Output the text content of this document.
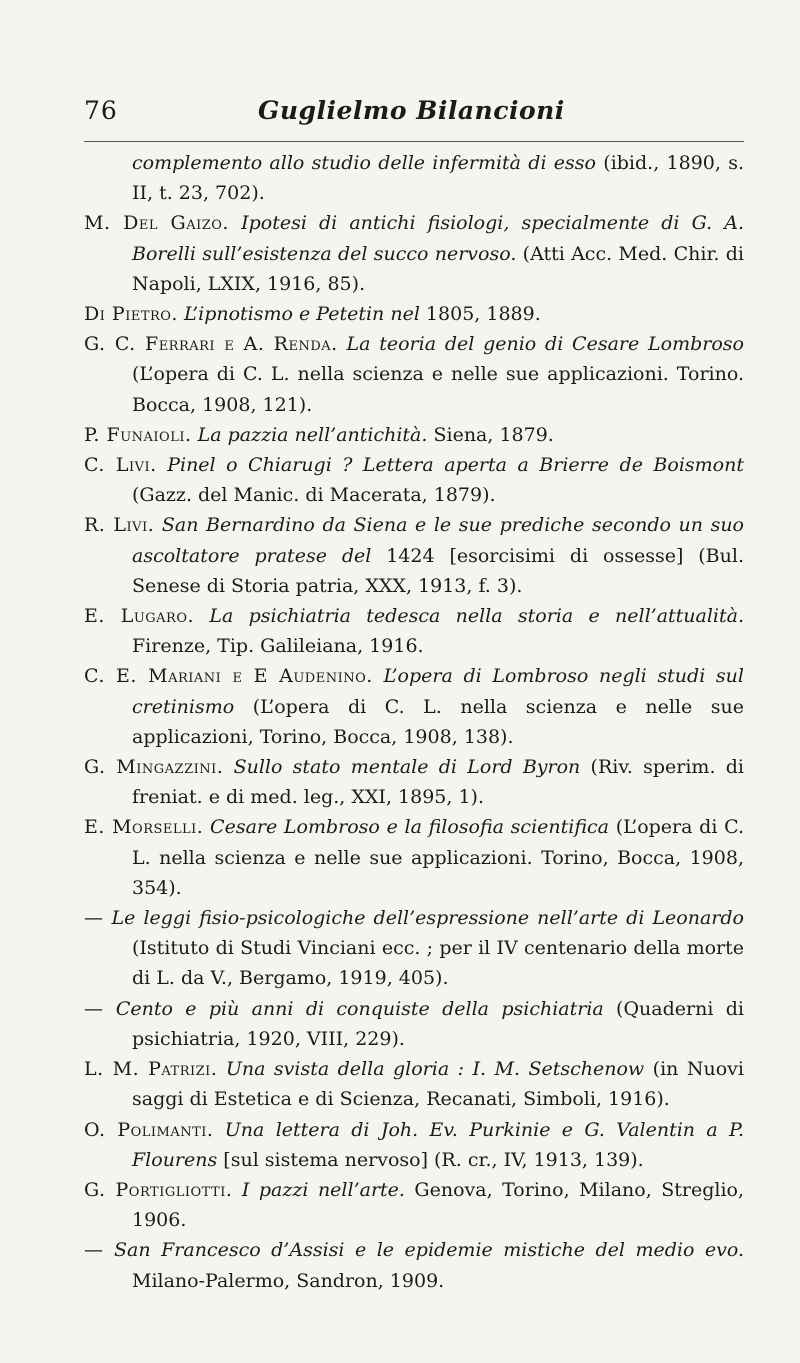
76	Guglielmo Bilancioni

complemento allo studio delle infermità di esso (ibid., 1890, s. II, t. 23, 702).

M. Del Gaizo. Ipotesi di antichi fisiologi, specialmente di G. A. Borelli sull’esistenza del succo nervoso. (Atti Acc. Med. Chir. di Napoli, LXIX, 1916, 85).

Di Pietro. L’ipnotismo e Petetin nel 1805, 1889.

G. C. Ferrari e A. Renda. La teoria del genio di Cesare Lombroso (L’opera di C. L. nella scienza e nelle sue applicazioni. Torino. Bocca, 1908, 121).

P. Funaioli. La pazzia nell’antichità. Siena, 1879.

C. Livi. Pinel o Chiarugi ? Lettera aperta a Brierre de Boismont (Gazz. del Manic. di Macerata, 1879).

R. Livi. San Bernardino da Siena e le sue prediche secondo un suo ascoltatore pratese del 1424 [esorcisimi di ossesse] (Bul. Senese di Storia patria, XXX, 1913, f. 3).

E. Lugaro. La psichiatria tedesca nella storia e nell’attualità. Firenze, Tip. Galileiana, 1916.

C. E. Mariani e E Audenino. L’opera di Lombroso negli studi sul cretinismo (L’opera di C. L. nella scienza e nelle sue applicazioni, Torino, Bocca, 1908, 138).

G. Mingazzini. Sullo stato mentale di Lord Byron (Riv. sperim. di freniat. e di med. leg., XXI, 1895, 1).

E. Morselli. Cesare Lombroso e la filosofia scientifica (L’opera di C. L. nella scienza e nelle sue applicazioni. Torino, Bocca, 1908, 354).

— Le leggi fisio-psicologiche dell’espressione nell’arte di Leonardo (Istituto di Studi Vinciani ecc. ; per il IV centenario della morte di L. da V., Bergamo, 1919, 405).

— Cento e più anni di conquiste della psichiatria (Quaderni di psichiatria, 1920, VIII, 229).

L. M. Patrizi. Una svista della gloria : I. M. Setschenow (in Nuovi saggi di Estetica e di Scienza, Recanati, Simboli, 1916).

O. Polimanti. Una lettera di Joh. Ev. Purkinie e G. Valentin a P. Flourens [sul sistema nervoso] (R. cr., IV, 1913, 139).

G. Portigliotti. I pazzi nell’arte. Genova, Torino, Milano, Streglio, 1906.

— San Francesco d’Assisi e le epidemie mistiche del medio evo. Milano-Palermo, Sandron, 1909.
